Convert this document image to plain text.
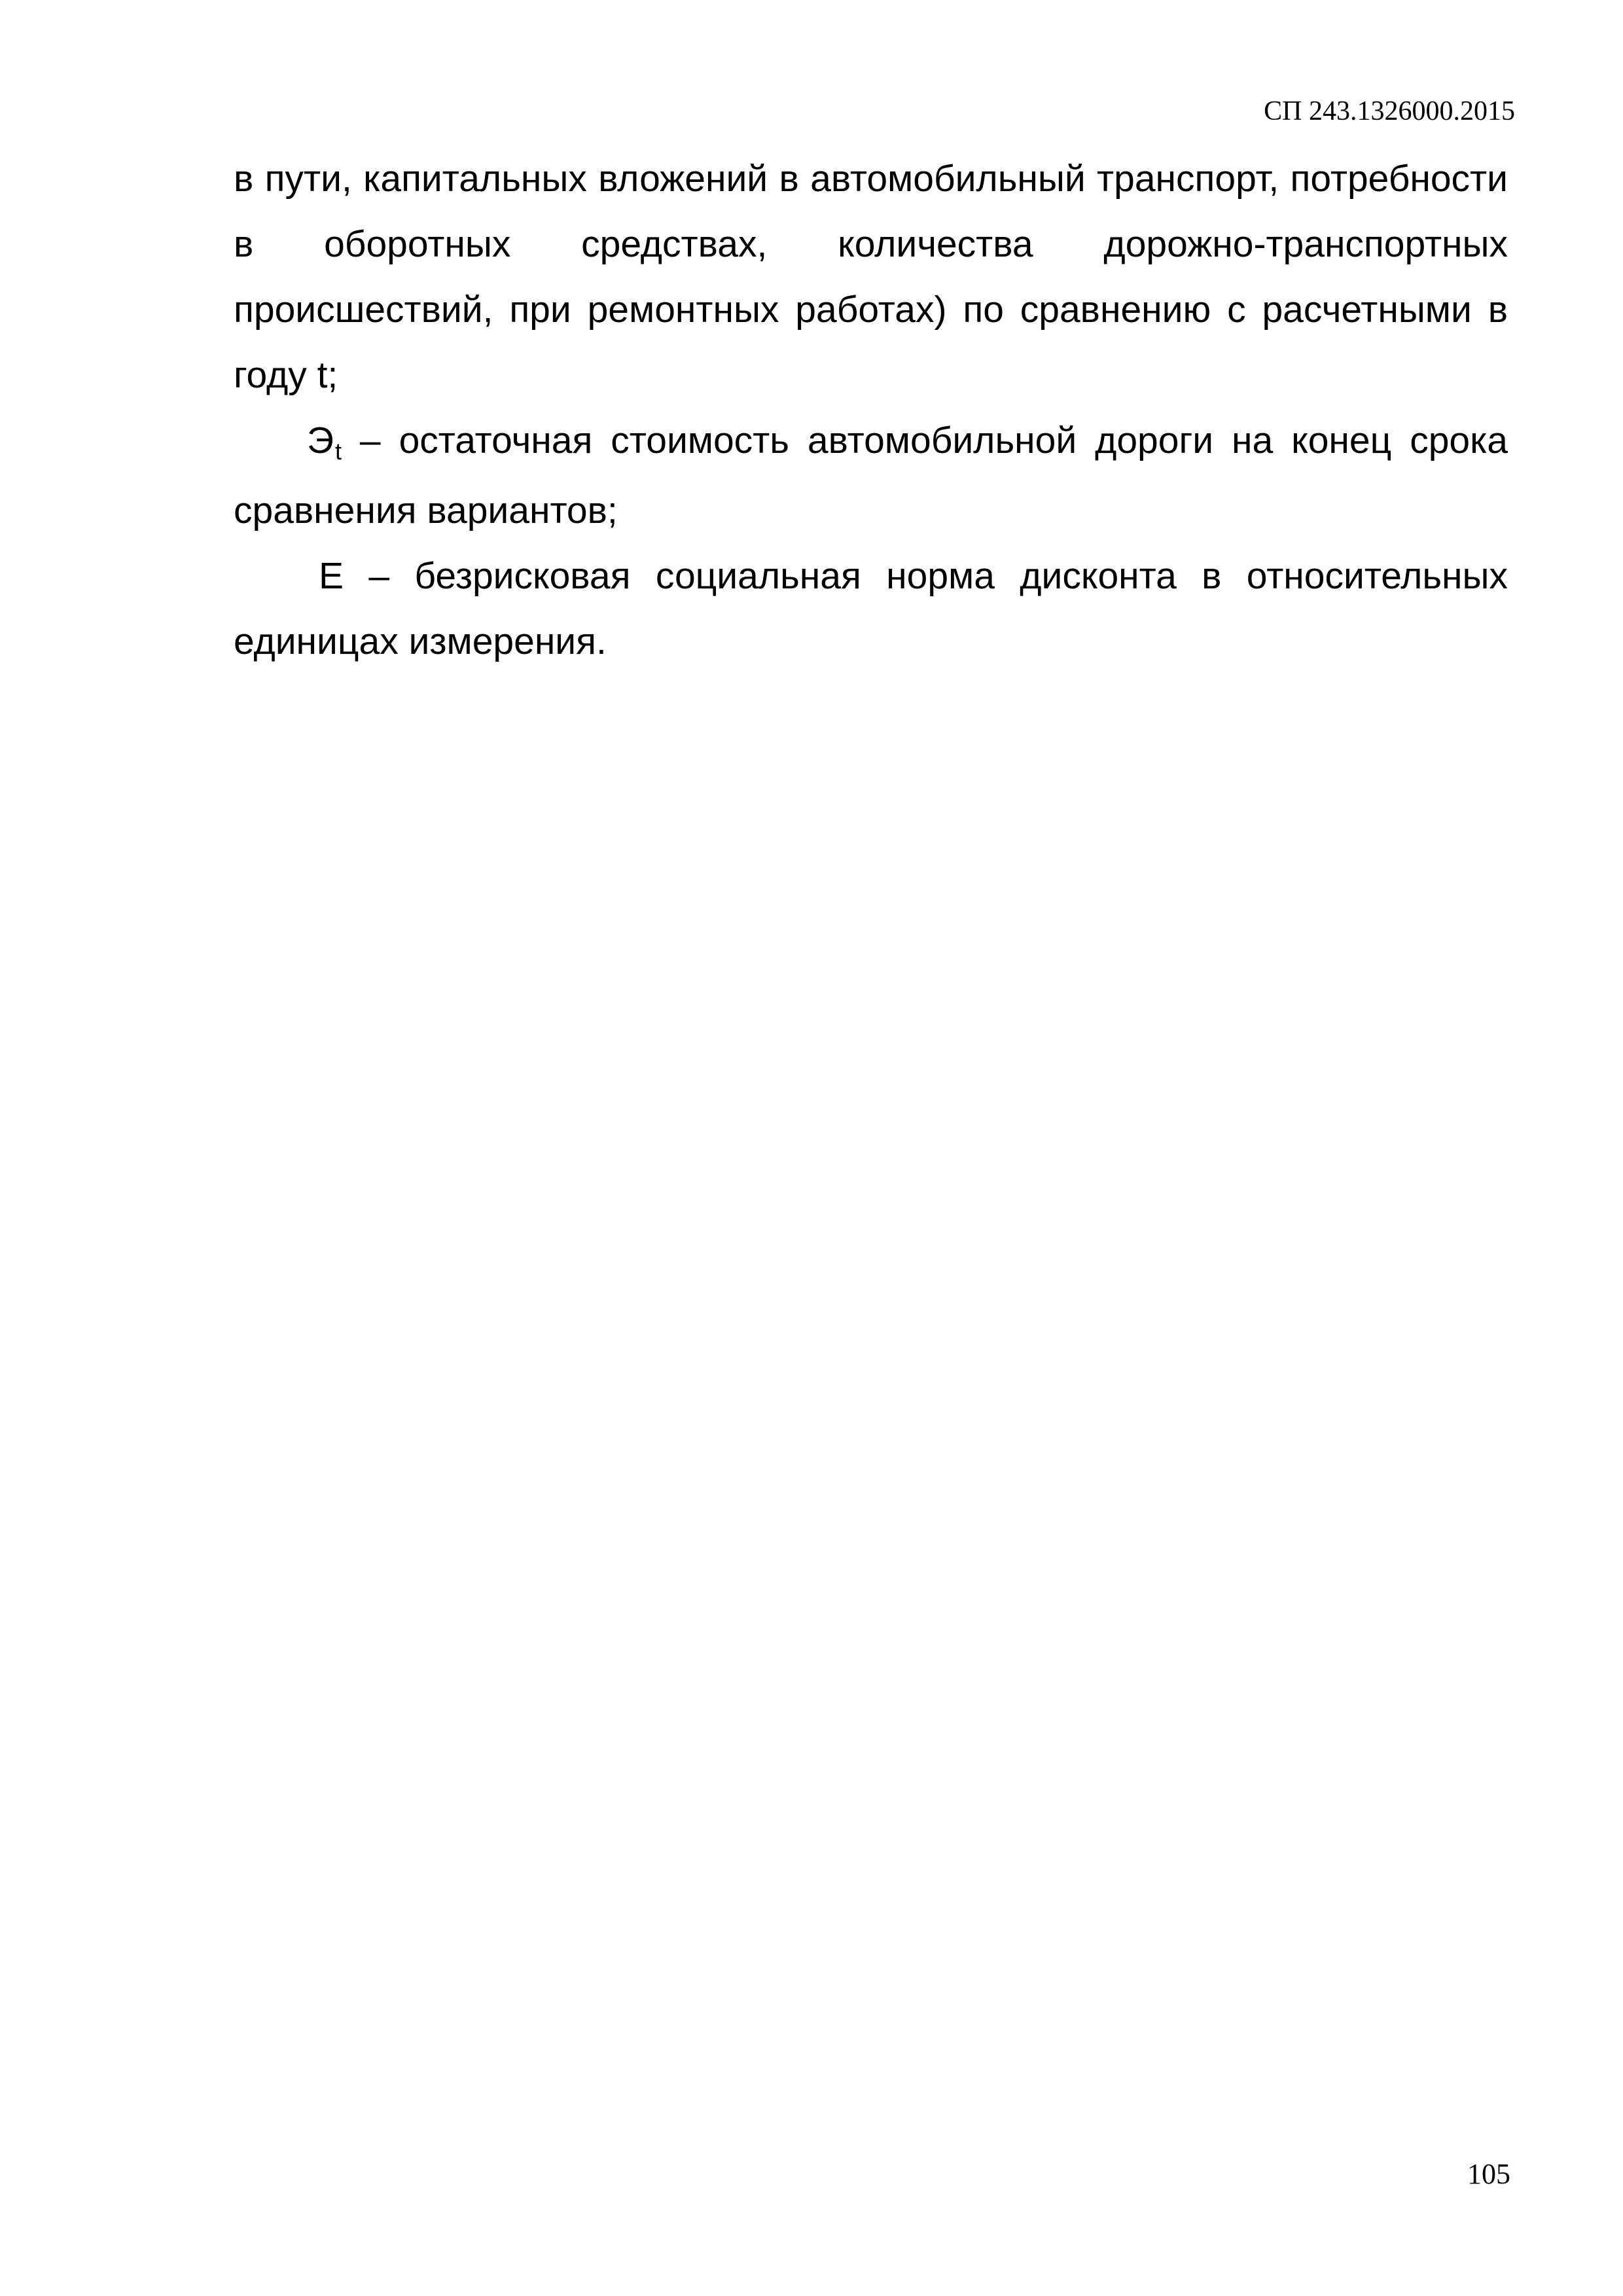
СП 243.1326000.2015

в пути, капитальных вложений в автомобильный транспорт, потребности в оборотных средствах, количества дорожно-транспортных происшествий, при ремонтных работах) по сравнению с расчетными в году t;

Эt – остаточная стоимость автомобильной дороги на конец срока сравнения вариантов;

Е – безрисковая социальная норма дисконта в относительных единицах измерения.

105
